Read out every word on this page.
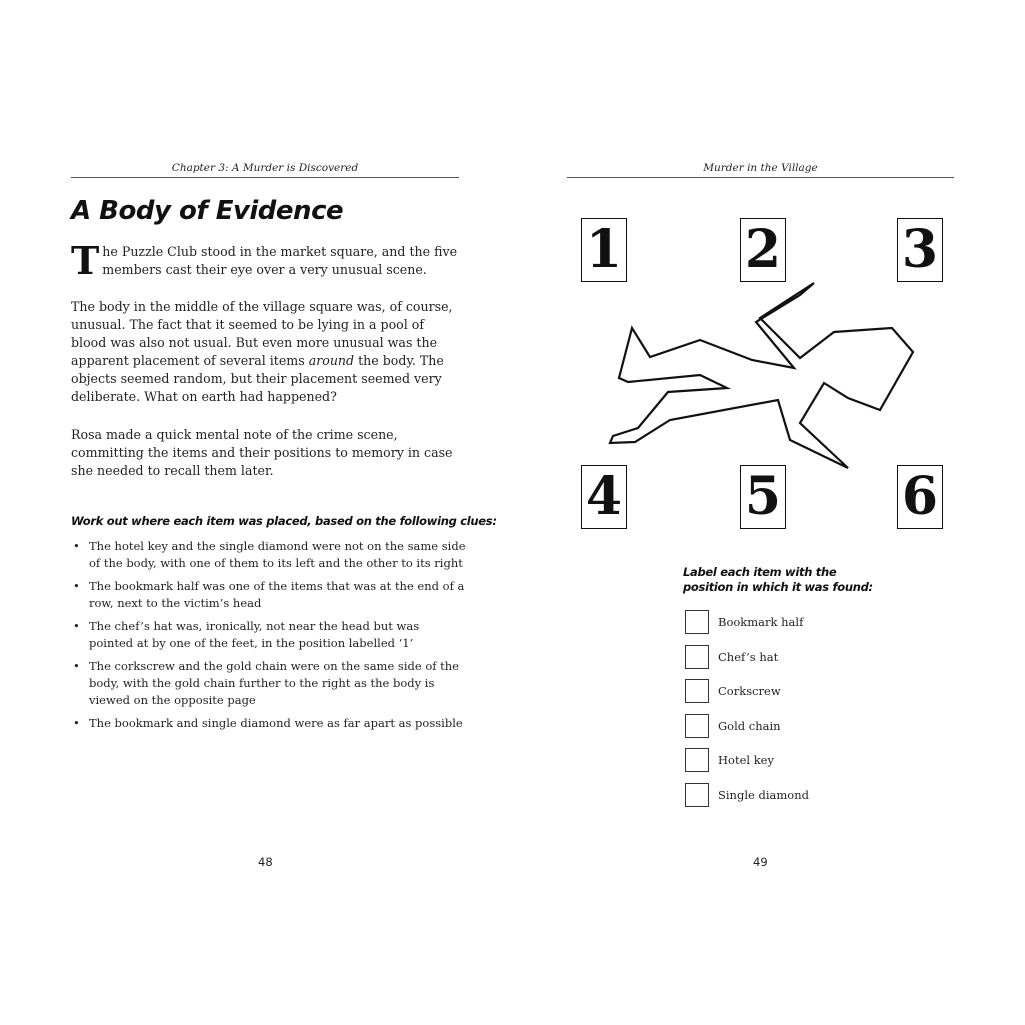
Chapter 3: A Murder is Discovered
A Body of Evidence

The Puzzle Club stood in the market square, and the five members cast their eye over a very unusual scene.

The body in the middle of the village square was, of course, unusual. The fact that it seemed to be lying in a pool of blood was also not usual. But even more unusual was the apparent placement of several items around the body. The objects seemed random, but their placement seemed very deliberate. What on earth had happened?

Rosa made a quick mental note of the crime scene, committing the items and their positions to memory in case she needed to recall them later.

Work out where each item was placed, based on the following clues:
• The hotel key and the single diamond were not on the same side of the body, with one of them to its left and the other to its right
• The bookmark half was one of the items that was at the end of a row, next to the victim’s head
• The chef’s hat was, ironically, not near the head but was pointed at by one of the feet, in the position labelled ‘1’
• The corkscrew and the gold chain were on the same side of the body, with the gold chain further to the right as the body is viewed on the opposite page
• The bookmark and single diamond were as far apart as possible
48
Murder in the Village
1 2 3
4 5 6
Label each item with the position in which it was found:
Bookmark half
Chef’s hat
Corkscrew
Gold chain
Hotel key
Single diamond
49
